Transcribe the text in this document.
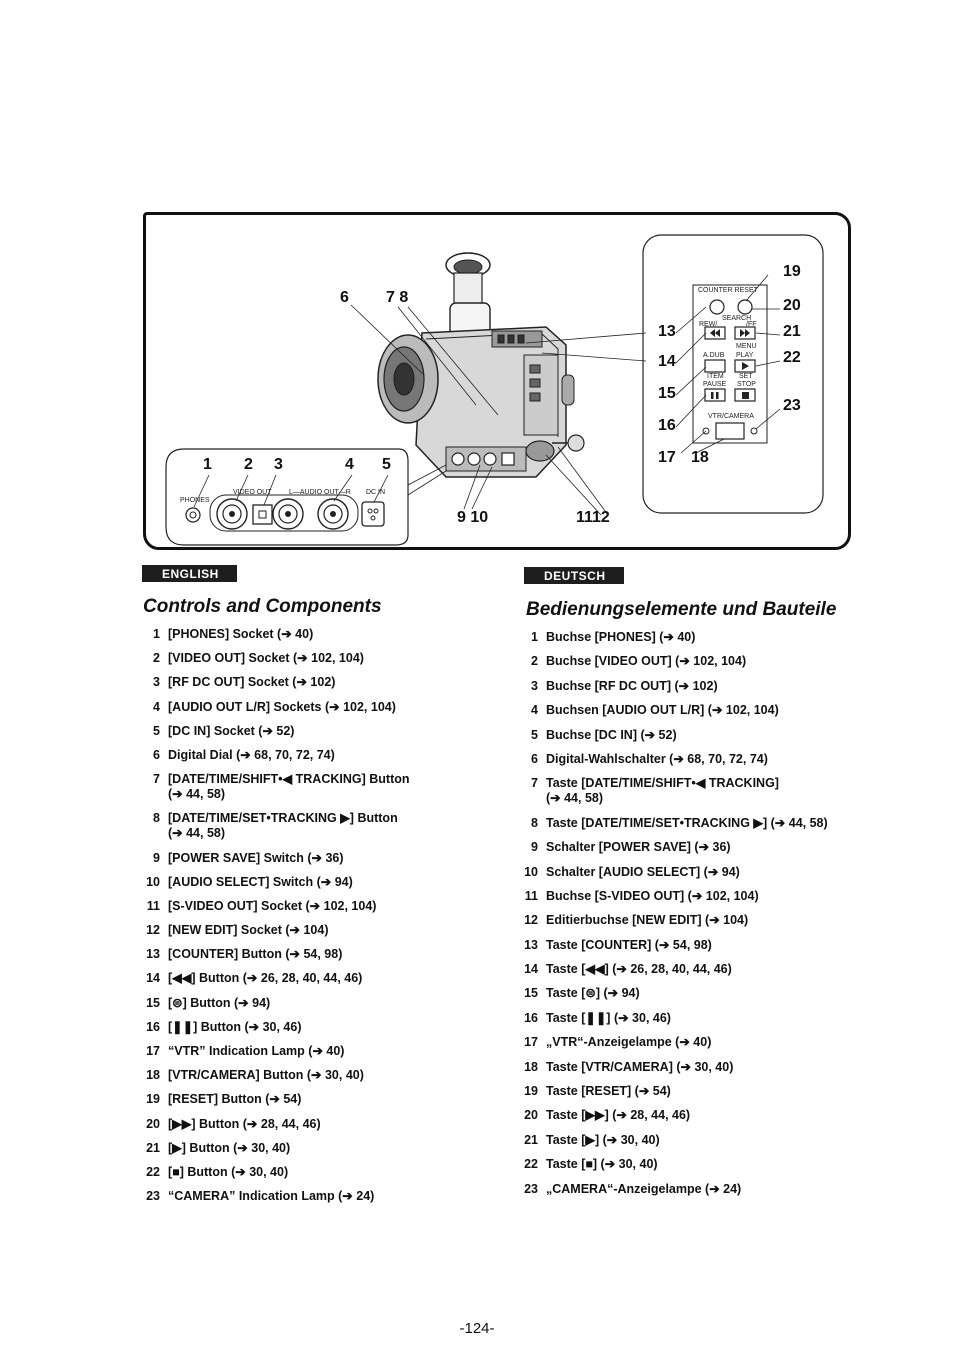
1 2 3	4 5
6 7 8
9 10	1112
13
14
15
16
17 18
19
20
21
22
23
COUNTER RESET
SEARCH
REW/	/FF
MENU
A.DUB PLAY
ITEM SET
PAUSE STOP
VTR/CAMERA
PHONES
VIDEO OUT L—AUDIO OUT—R DC IN
ENGLISH
Controls and Components
1 [PHONES] Socket (➔ 40)
2 [VIDEO OUT] Socket (➔ 102, 104)
3 [RF DC OUT] Socket (➔ 102)
4 [AUDIO OUT L/R] Sockets (➔ 102, 104)
5 [DC IN] Socket (➔ 52)
6 Digital Dial (➔ 68, 70, 72, 74)
7 [DATE/TIME/SHIFT•◀ TRACKING] Button
(➔ 44, 58)
8 [DATE/TIME/SET•TRACKING ▶] Button
(➔ 44, 58)
9 [POWER SAVE] Switch (➔ 36)
10 [AUDIO SELECT] Switch (➔ 94)
11 [S-VIDEO OUT] Socket (➔ 102, 104)
12 [NEW EDIT] Socket (➔ 104)
13 [COUNTER] Button (➔ 54, 98)
14 [◀◀] Button (➔ 26, 28, 40, 44, 46)
15 [⊜] Button (➔ 94)
16 [❚❚] Button (➔ 30, 46)
17 “VTR” Indication Lamp (➔ 40)
18 [VTR/CAMERA] Button (➔ 30, 40)
19 [RESET] Button (➔ 54)
20 [▶▶] Button (➔ 28, 44, 46)
21 [▶] Button (➔ 30, 40)
22 [■] Button (➔ 30, 40)
23 “CAMERA” Indication Lamp (➔ 24)
DEUTSCH
Bedienungselemente und Bauteile
1 Buchse [PHONES] (➔ 40)
2 Buchse [VIDEO OUT] (➔ 102, 104)
3 Buchse [RF DC OUT] (➔ 102)
4 Buchsen [AUDIO OUT L/R] (➔ 102, 104)
5 Buchse [DC IN] (➔ 52)
6 Digital-Wahlschalter (➔ 68, 70, 72, 74)
7 Taste [DATE/TIME/SHIFT•◀ TRACKING]
(➔ 44, 58)
8 Taste [DATE/TIME/SET•TRACKING ▶] (➔ 44, 58)
9 Schalter [POWER SAVE] (➔ 36)
10 Schalter [AUDIO SELECT] (➔ 94)
11 Buchse [S-VIDEO OUT] (➔ 102, 104)
12 Editierbuchse [NEW EDIT] (➔ 104)
13 Taste [COUNTER] (➔ 54, 98)
14 Taste [◀◀] (➔ 26, 28, 40, 44, 46)
15 Taste [⊜] (➔ 94)
16 Taste [❚❚] (➔ 30, 46)
17 „VTR“-Anzeigelampe (➔ 40)
18 Taste [VTR/CAMERA] (➔ 30, 40)
19 Taste [RESET] (➔ 54)
20 Taste [▶▶] (➔ 28, 44, 46)
21 Taste [▶] (➔ 30, 40)
22 Taste [■] (➔ 30, 40)
23 „CAMERA“-Anzeigelampe (➔ 24)
-124-
